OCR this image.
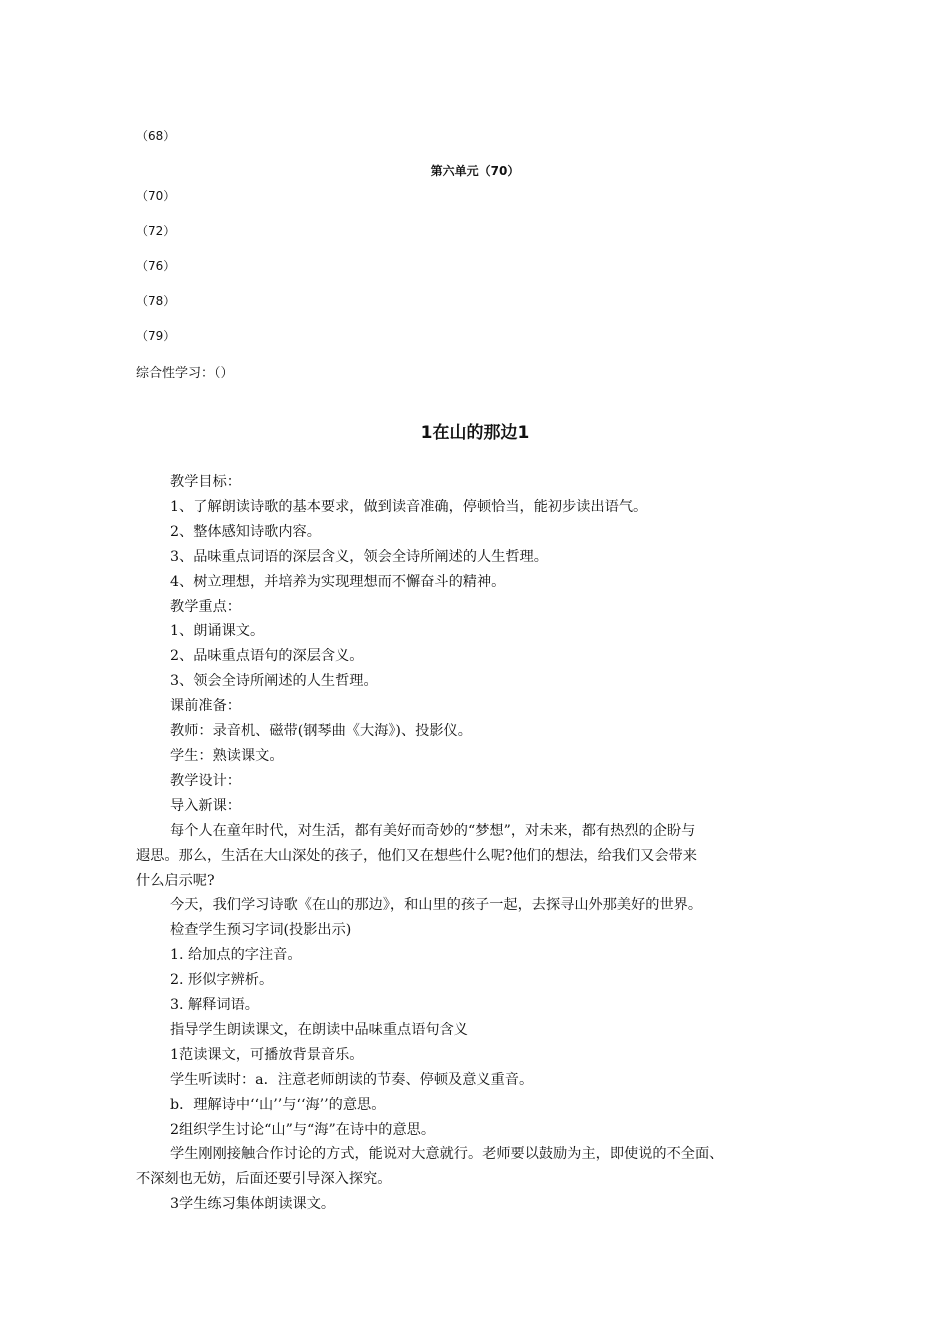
（68）
第六单元（70）
（70）
（72）
（76）
（78）
（79）
综合性学习：（）
1在山的那边1

教学目标：

1、了解朗读诗歌的基本要求，做到读音准确，停顿恰当，能初步读出语气。

2、整体感知诗歌内容。

3、品味重点词语的深层含义，领会全诗所阐述的人生哲理。

4、树立理想，并培养为实现理想而不懈奋斗的精神。

教学重点：

1、朗诵课文。

2、品味重点语句的深层含义。

3、领会全诗所阐述的人生哲理。

课前准备：

教师：录音机、磁带(钢琴曲《大海》)、投影仪。

学生：熟读课文。

教学设计：

导入新课：

每个人在童年时代，对生活，都有美好而奇妙的“梦想”，对未来，都有热烈的企盼与

遐思。那么，生活在大山深处的孩子，他们又在想些什么呢?他们的想法，给我们又会带来

什么启示呢?

今天，我们学习诗歌《在山的那边》，和山里的孩子一起，去探寻山外那美好的世界。

检查学生预习字词(投影出示)

1. 给加点的字注音。

2. 形似字辨析。

3. 解释词语。

指导学生朗读课文，在朗读中品味重点语句含义

1范读课文，可播放背景音乐。

学生听读时：a．注意老师朗读的节奏、停顿及意义重音。

b．理解诗中‘‘山’’与‘‘海’’的意思。

2组织学生讨论“山”与“海”在诗中的意思。

学生刚刚接触合作讨论的方式，能说对大意就行。老师要以鼓励为主，即使说的不全面、

不深刻也无妨，后面还要引导深入探究。

3学生练习集体朗读课文。
